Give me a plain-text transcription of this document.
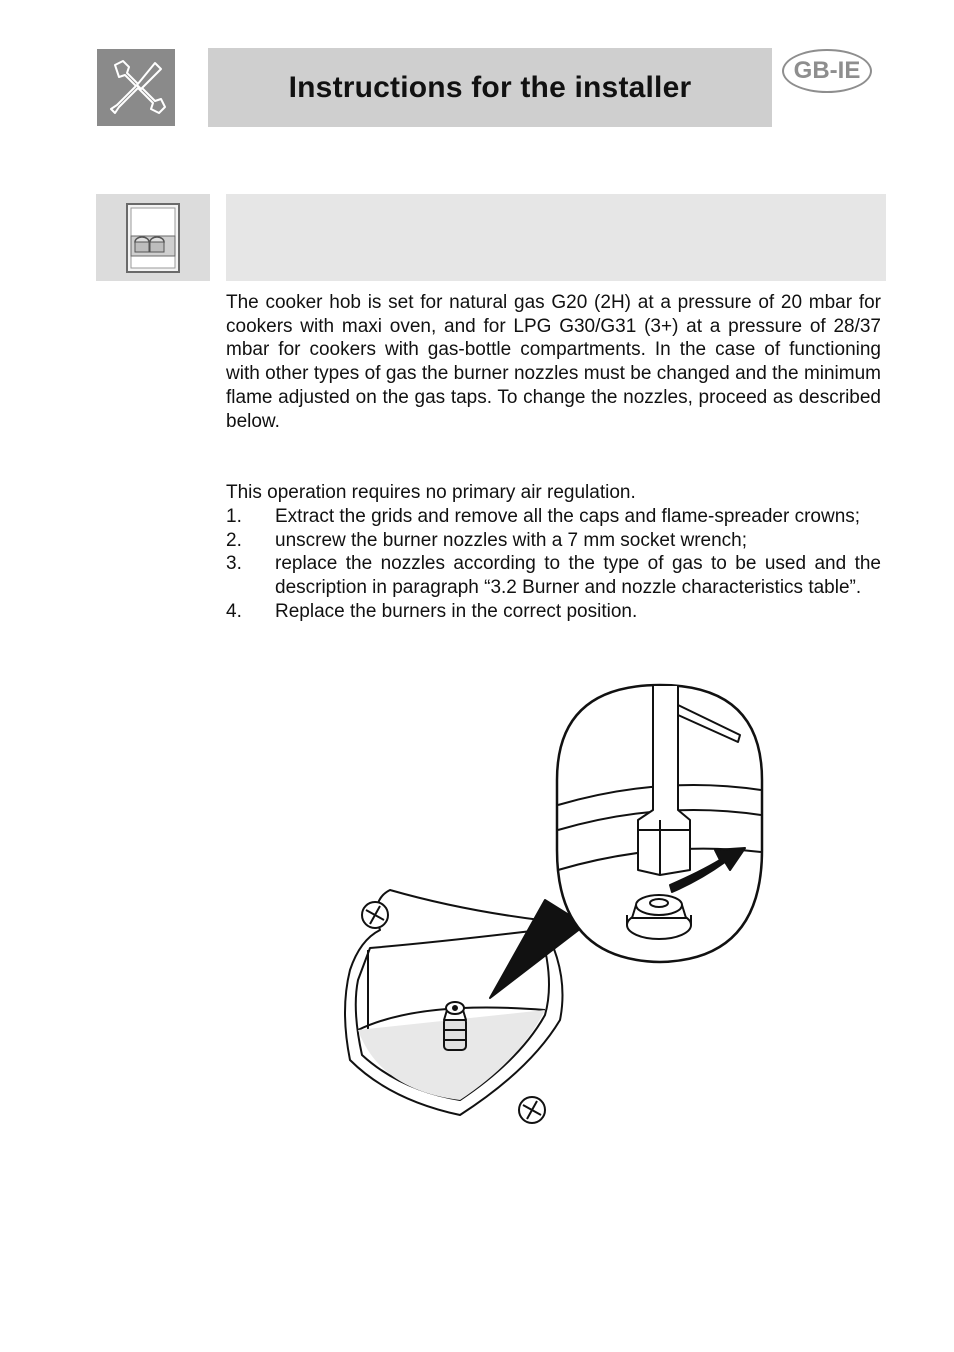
Instructions for the installer	GB-IE

The cooker hob is set for natural gas G20 (2H) at a pressure of 20 mbar for cookers with maxi oven, and for LPG G30/G31 (3+) at a pressure of 28/37 mbar for cookers with gas-bottle compartments. In the case of functioning with other types of gas the burner nozzles must be changed and the minimum flame adjusted on the gas taps. To change the nozzles, proceed as described below.

This operation requires no primary air regulation.

1.	Extract the grids and remove all the caps and flame-spreader crowns;
2.	unscrew the burner nozzles with a 7 mm socket wrench;
3.	replace the nozzles according to the type of gas to be used and the description in paragraph “3.2 Burner and nozzle characteristics table”.
4.	Replace the burners in the correct position.
